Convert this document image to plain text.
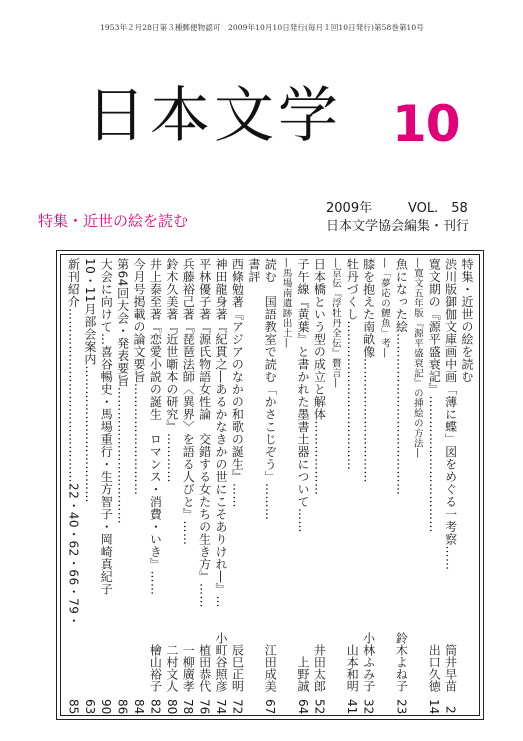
1953年２月28日第３種郵便物認可　2009年10月10日発行(毎月１回10日発行)第58巻第10号
日本文学 10
特集・近世の絵を読む
2009年	VOL.　58
日本文学協会編集・刊行
特集・近世の絵を読む
渋川版御伽文庫画中画「薄に蝶」図をめぐる一考察……
筒井早苗
2
寛文期の『源平盛衰記』……………………………
出口久徳
14
―寛文五年版『源平盛衰記』の挿絵の方法―
魚になった絵…………………………………
鈴木よね子
23
―「夢応の鯉魚」考―
膝を抱えた南畝像…………………………
小林ふみ子
32
牡丹づくし………………………………
山本和明
41
―京伝『浮牡丹全伝』贅言―
日本橋という型の成立と解体………………
井田太郎
52
子午線『黄葉』と書かれた墨書土器について……
上野誠
64
―馬場南遺跡出土―
読む　国語教室で読む「かさこじぞう」………
江田成美
67
書評
西條勉著『アジアのなかの和歌の誕生』……
辰巳正明
72
神田龍身著『紀貫之―あるかなきかの世にこそありけれ―』…
小町谷照彦
74
平林優子著『源氏物語女性論　交錯する女たちの生き方』……
植田恭代
76
兵藤裕己著『琵琶法師〈異界〉を語る人びと』……
一柳廣孝
78
鈴木久美著『近世噺本の研究』…………
二村文人
80
井上泰至著『恋愛小説の誕生　ロマンス・消費・いき』……
檜山裕子
82
今月号掲載の論文要旨………………………
84
第64回大会・発表要旨……………………………
86
大会に向けて…喜谷暢史・馬場重行・生方智子・岡崎真紀子
90
10・11月部会案内……………………………
63
新刊紹介……………………………………22・40・62・66・79・
85
